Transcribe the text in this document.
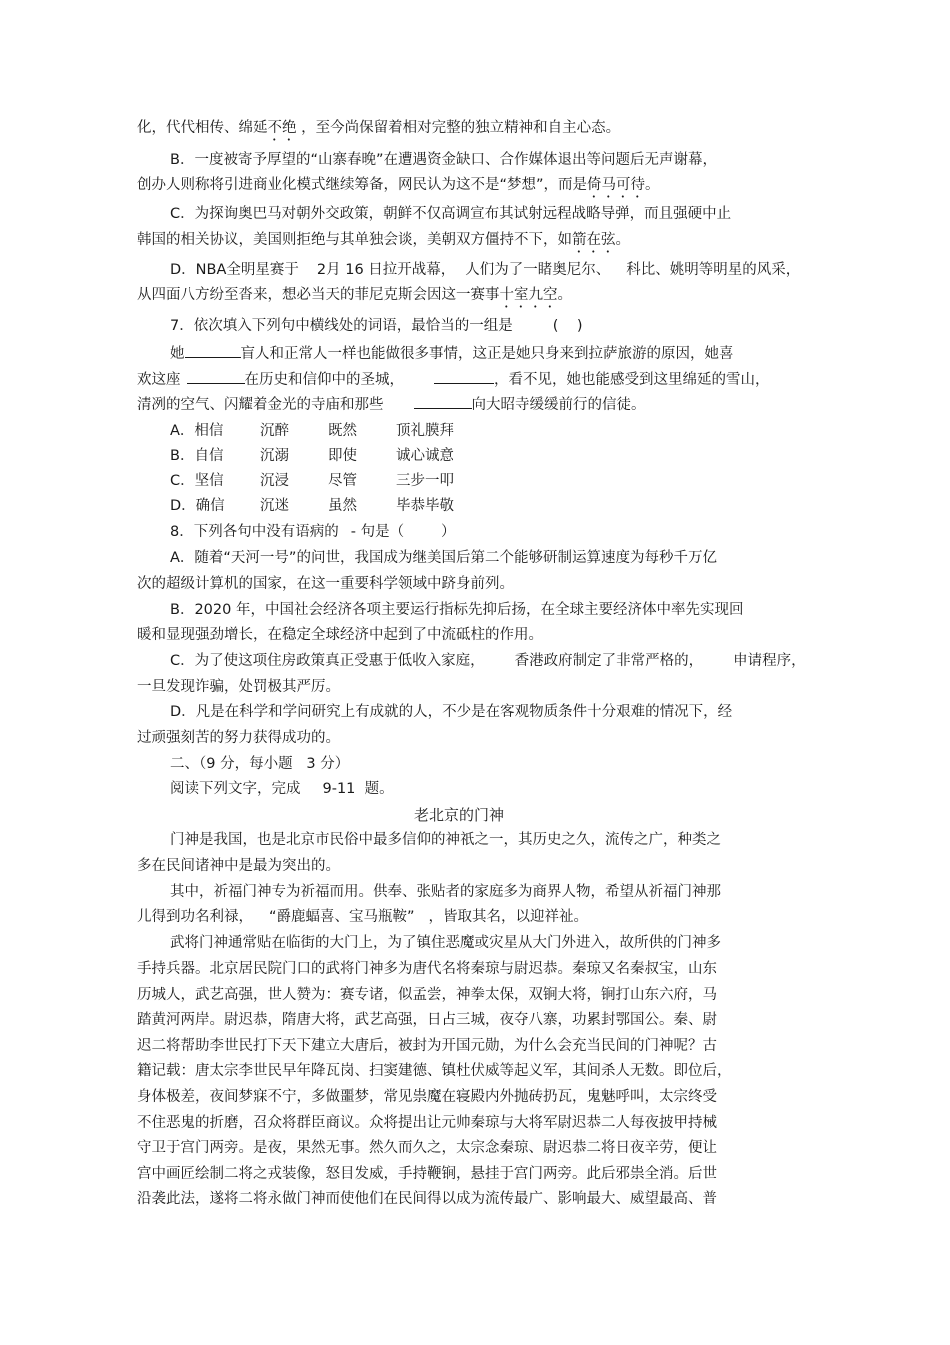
化，代代相传、绵延不绝 ，至今尚保留着相对完整的独立精神和自主心态。
B．一度被寄予厚望的“山寨春晚”在遭遇资金缺口、合作媒体退出等问题后无声谢幕，
创办人则称将引进商业化模式继续筹备，网民认为这不是“梦想”，而是倚马可待。
C．为探询奥巴马对朝外交政策，朝鲜不仅高调宣布其试射远程战略导弹，而且强硬中止
韩国的相关协议，美国则拒绝与其单独会谈，美朝双方僵持不下，如箭在弦。
D．NBA全明星赛于 2月 16 日拉开战幕， 人们为了一睹奥尼尔、 科比、姚明等明星的风采，
从四面八方纷至沓来，想必当天的菲尼克斯会因这一赛事十室九空。
7．依次填入下列句中横线处的词语，最恰当的一组是	(    )
她	盲人和正常人一样也能做很多事情，这正是她只身来到拉萨旅游的原因，她喜
欢这座	在历史和信仰中的圣城，	，看不见，她也能感受到这里绵延的雪山，
清冽的空气、闪耀着金光的寺庙和那些	向大昭寺缓缓前行的信徒。
A．相信	沉醉	既然	顶礼膜拜
B．自信	沉溺	即使	诚心诚意
C．坚信	沉浸	尽管	三步一叩
D．确信 沉迷	虽然	毕恭毕敬
8．下列各句中没有语病的 - 句是（        ）
A．随着“天河一号”的问世，我国成为继美国后第二个能够研制运算速度为每秒千万亿
次的超级计算机的国家，在这一重要科学领域中跻身前列。
B．2020 年，中国社会经济各项主要运行指标先抑后扬，在全球主要经济体中率先实现回
暖和显现强劲增长，在稳定全球经济中起到了中流砥柱的作用。
C．为了使这项住房政策真正受惠于低收入家庭， 香港政府制定了非常严格的， 申请程序，
一旦发现诈骗，处罚极其严厉。
D．凡是在科学和学问研究上有成就的人，不少是在客观物质条件十分艰难的情况下，经
过顽强刻苦的努力获得成功的。
二、（9 分，每小题   3 分）
阅读下列文字，完成 9-11  题。
老北京的门神
门神是我国，也是北京市民俗中最多信仰的神祇之一，其历史之久，流传之广，种类之
多在民间诸神中是最为突出的。
其中，祈福门神专为祈福而用。供奉、张贴者的家庭多为商界人物，希望从祈福门神那
儿得到功名利禄， “爵鹿蝠喜、宝马瓶鞍” ，皆取其名，以迎祥祉。
武将门神通常贴在临街的大门上，为了镇住恶魔或灾星从大门外进入，故所供的门神多
手持兵器。北京居民院门口的武将门神多为唐代名将秦琼与尉迟恭。秦琼又名秦叔宝，山东
历城人，武艺高强，世人赞为：赛专诸，似孟尝，神拳太保，双锏大将，锏打山东六府，马
踏黄河两岸。尉迟恭，隋唐大将，武艺高强，日占三城，夜夺八寨，功累封鄂国公。秦、尉
迟二将帮助李世民打下天下建立大唐后，被封为开国元勋，为什么会充当民间的门神呢？古
籍记载：唐太宗李世民早年降瓦岗、扫窦建德、镇杜伏威等起义军，其间杀人无数。即位后，
身体极差，夜间梦寐不宁，多做噩梦，常见祟魔在寝殿内外抛砖扔瓦，鬼魅呼叫，太宗终受
不住恶鬼的折磨，召众将群臣商议。众将提出让元帅秦琼与大将军尉迟恭二人每夜披甲持械
守卫于宫门两旁。是夜，果然无事。然久而久之，太宗念秦琼、尉迟恭二将日夜辛劳，便让
宫中画匠绘制二将之戎装像，怒目发威，手持鞭锏，悬挂于宫门两旁。此后邪祟全消。后世
沿袭此法，遂将二将永做门神而使他们在民间得以成为流传最广、影响最大、威望最高、普
